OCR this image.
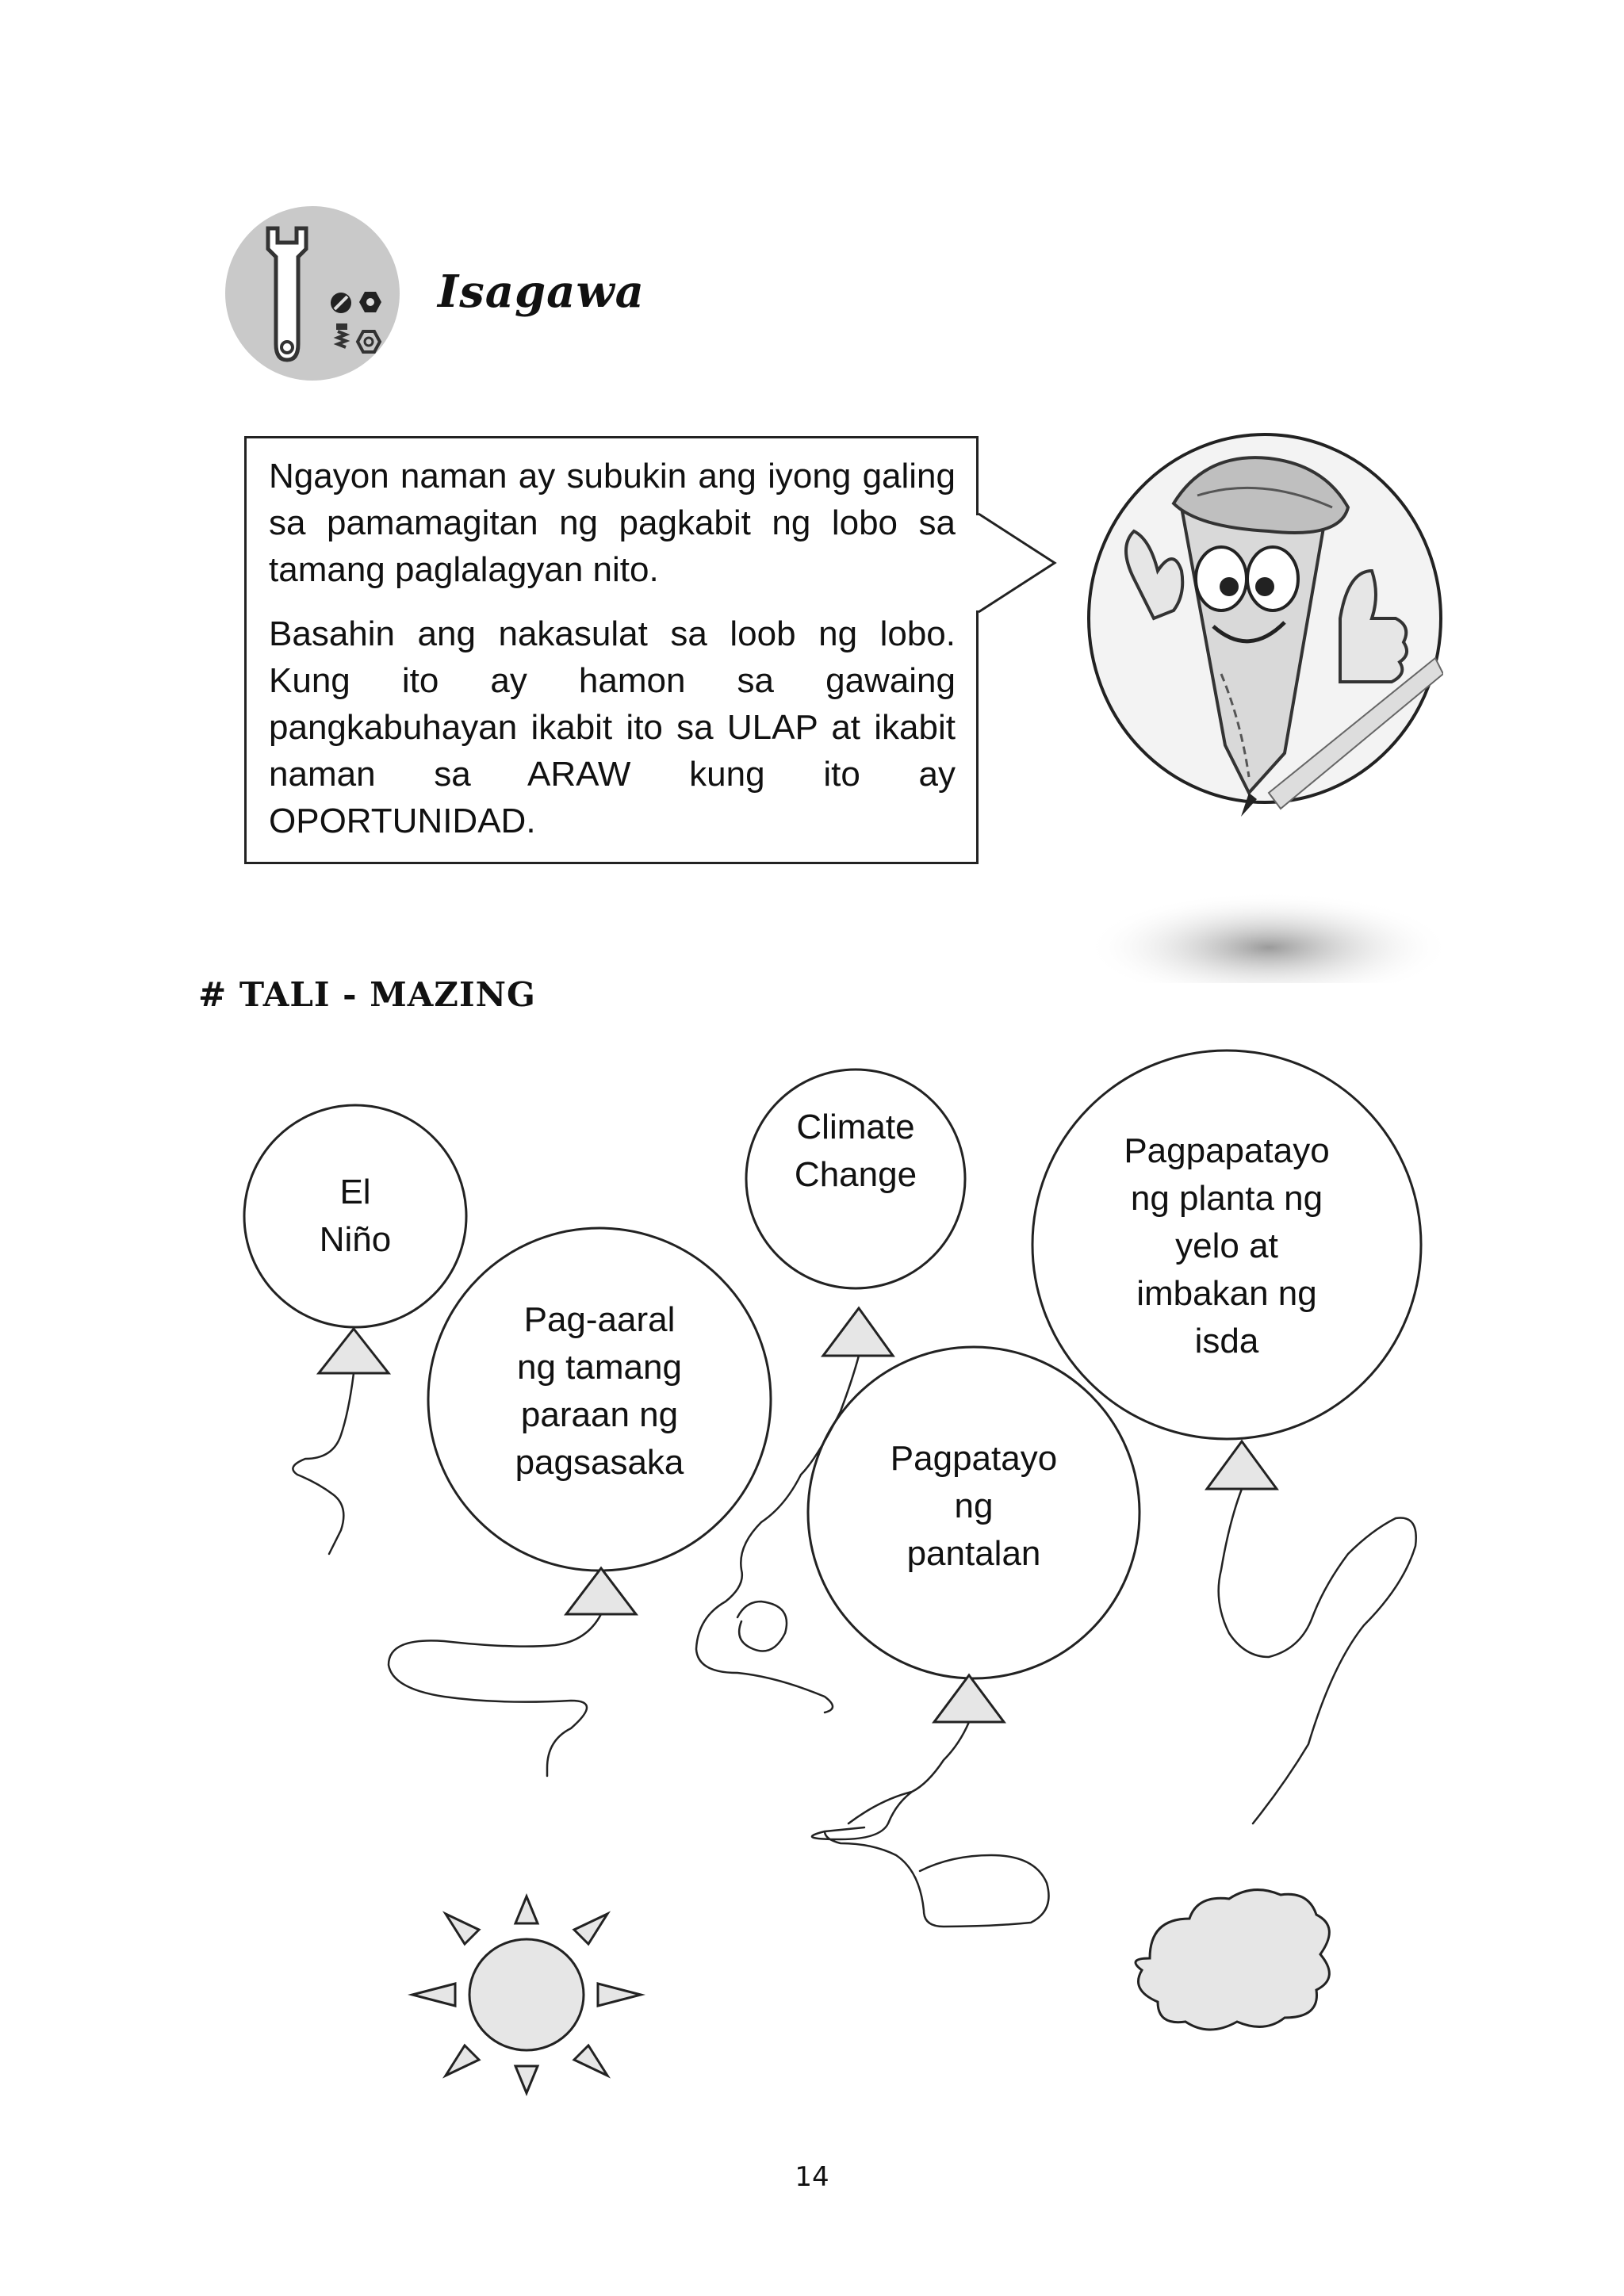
Isagawa

Ngayon naman ay subukin ang iyong galing sa pamamagitan ng pagkabit ng lobo sa tamang paglalagyan nito.

Basahin ang nakasulat sa loob ng lobo. Kung ito ay hamon sa gawaing pangkabuhayan ikabit ito sa ULAP at ikabit naman sa ARAW kung ito ay OPORTUNIDAD.

# TALI - MAZING
El
Niño
Pag-aaral
ng tamang
paraan ng
pagsasaka
Climate
Change
Pagpatayo
ng
pantalan
Pagpapatayo
ng planta ng
yelo at
imbakan ng
isda
14
